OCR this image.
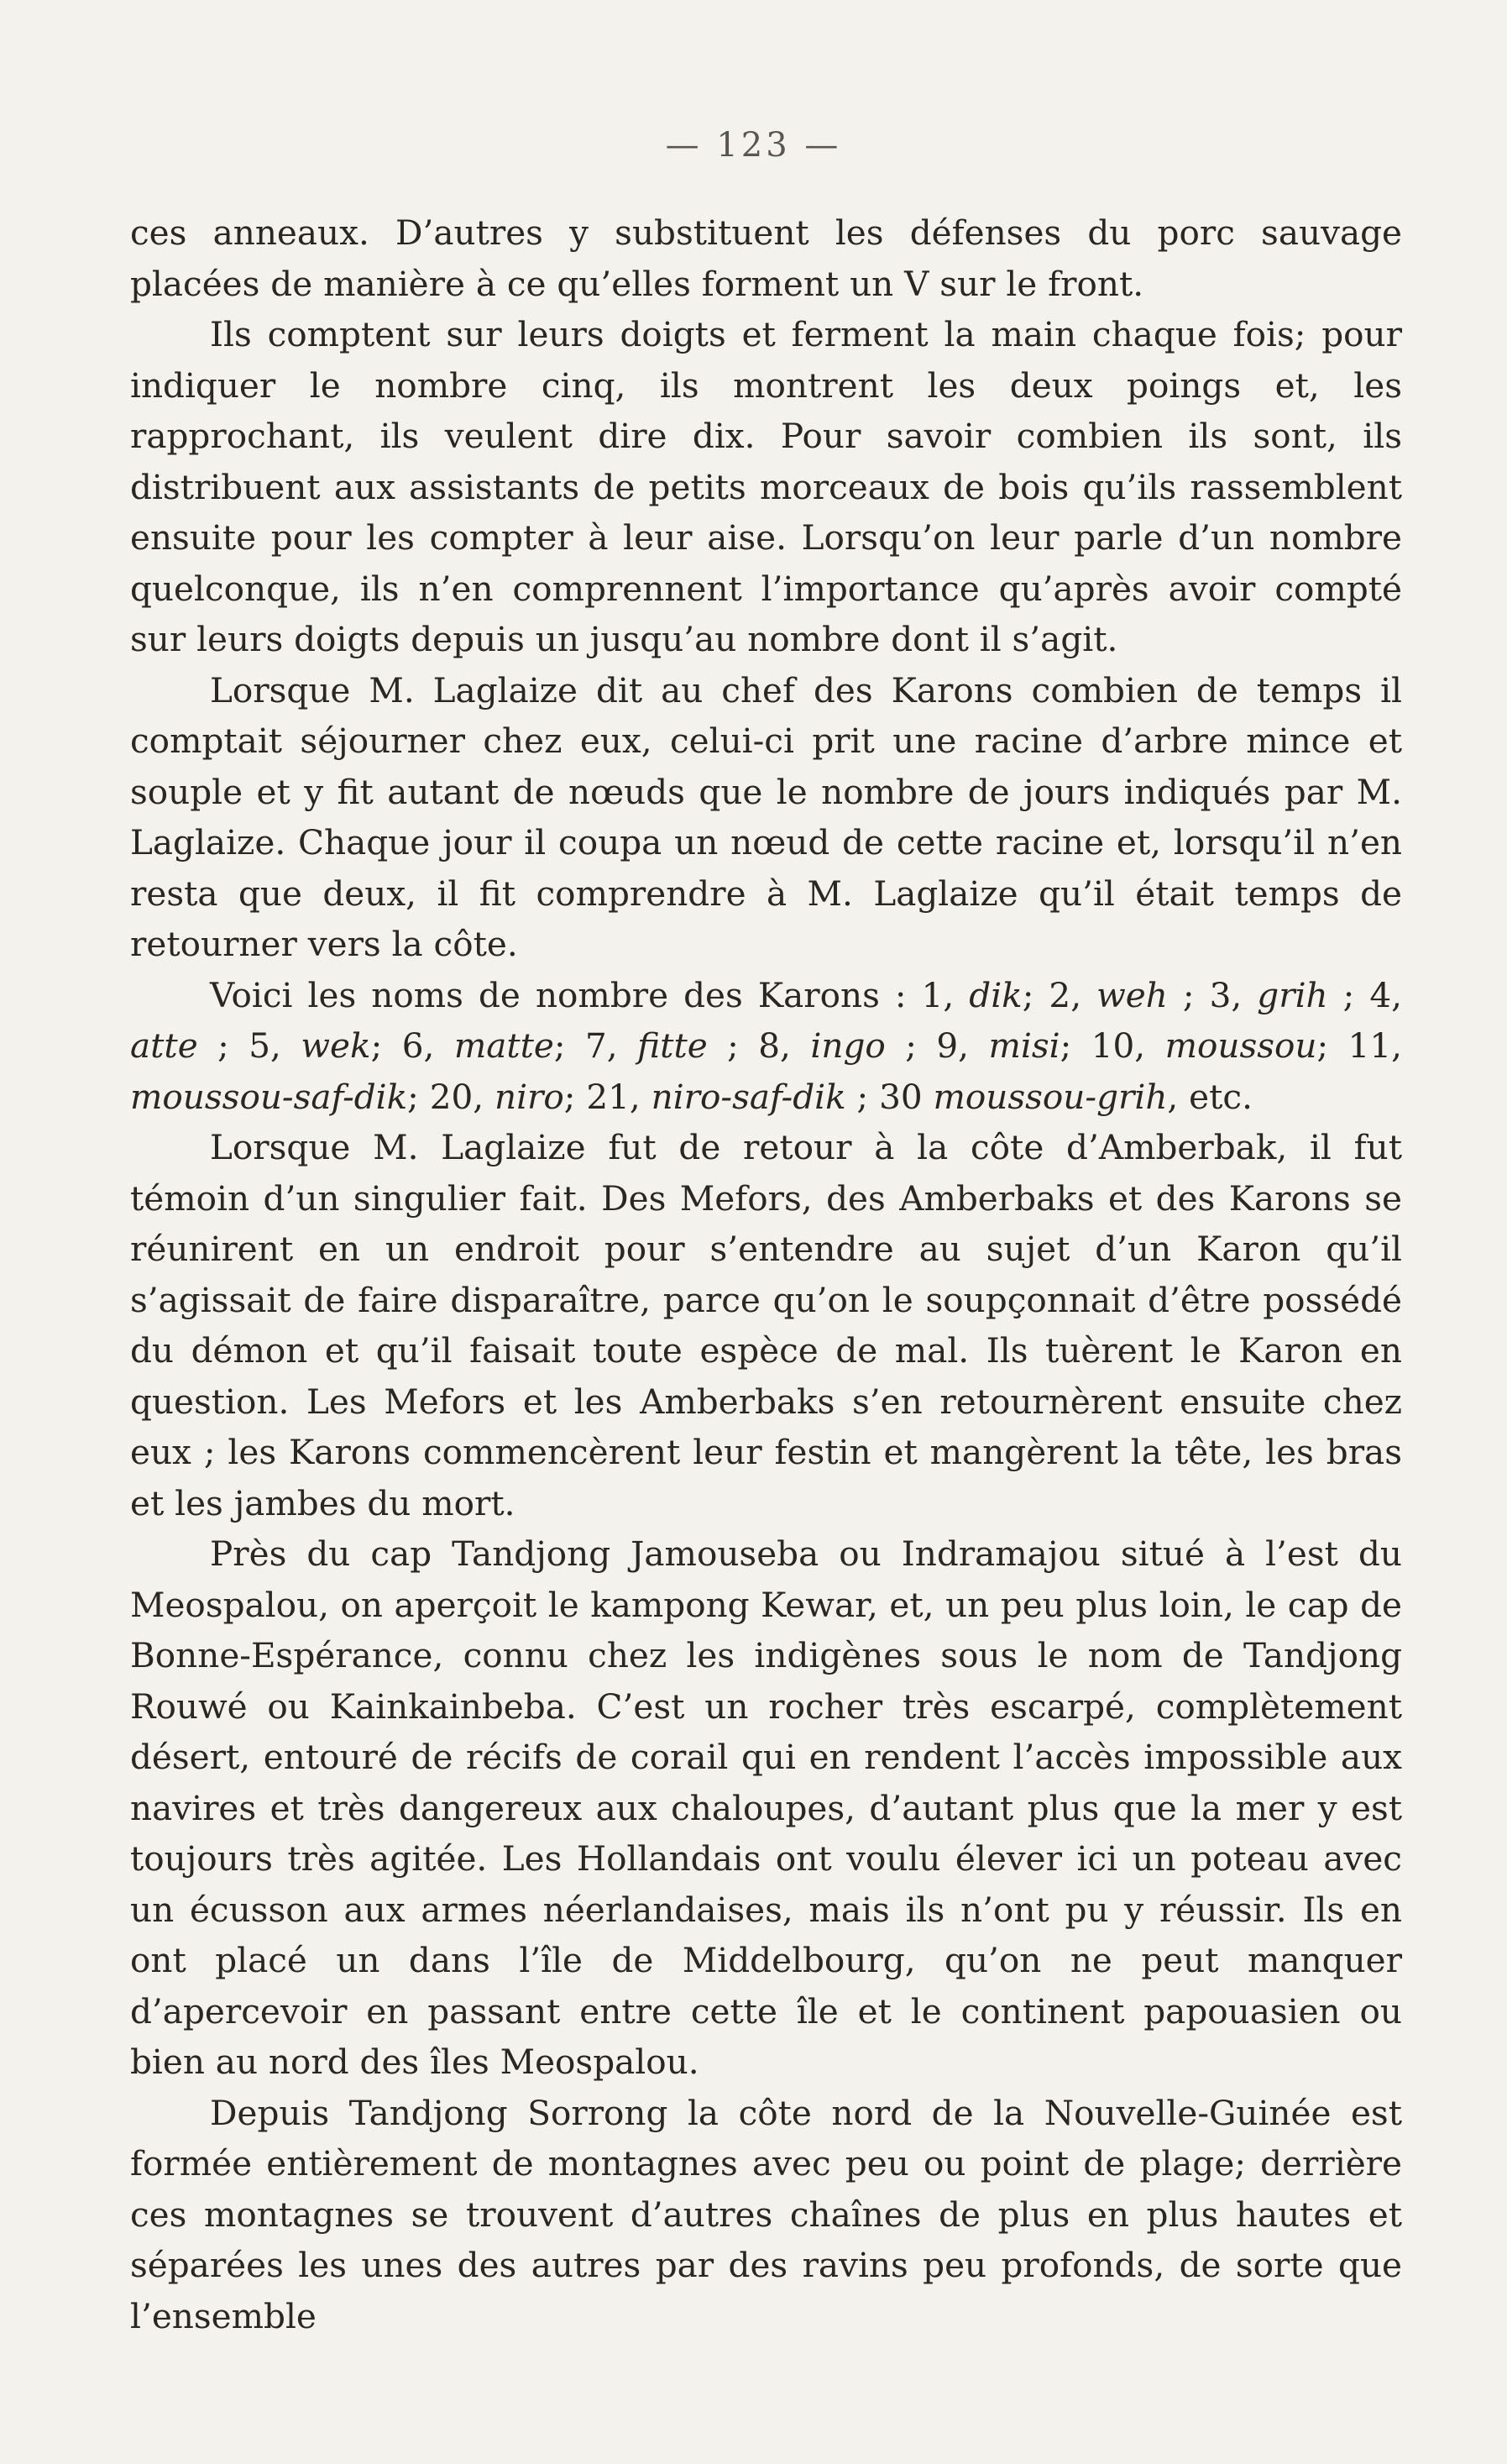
— 123 —

ces anneaux. D’autres y substituent les défenses du porc sauvage placées de manière à ce qu’elles forment un V sur le front.

Ils comptent sur leurs doigts et ferment la main chaque fois; pour indiquer le nombre cinq, ils montrent les deux poings et, les rapprochant, ils veulent dire dix. Pour savoir combien ils sont, ils distribuent aux assistants de petits morceaux de bois qu’ils rassemblent ensuite pour les compter à leur aise. Lorsqu’on leur parle d’un nombre quelconque, ils n’en comprennent l’importance qu’après avoir compté sur leurs doigts depuis un jusqu’au nombre dont il s’agit.

Lorsque M. Laglaize dit au chef des Karons combien de temps il comptait séjourner chez eux, celui-ci prit une racine d’arbre mince et souple et y fit autant de nœuds que le nombre de jours indiqués par M. Laglaize. Chaque jour il coupa un nœud de cette racine et, lorsqu’il n’en resta que deux, il fit comprendre à M. Laglaize qu’il était temps de retourner vers la côte.

Voici les noms de nombre des Karons : 1, dik; 2, weh ; 3, grih ; 4, atte ; 5, wek; 6, matte; 7, fitte ; 8, ingo ; 9, misi; 10, moussou; 11, moussou-saf-dik; 20, niro; 21, niro-saf-dik ; 30 moussou-grih, etc.

Lorsque M. Laglaize fut de retour à la côte d’Amberbak, il fut témoin d’un singulier fait. Des Mefors, des Amberbaks et des Karons se réunirent en un endroit pour s’entendre au sujet d’un Karon qu’il s’agissait de faire disparaître, parce qu’on le soupçonnait d’être possédé du démon et qu’il faisait toute espèce de mal. Ils tuèrent le Karon en question. Les Mefors et les Amberbaks s’en retournèrent ensuite chez eux ; les Karons commencèrent leur festin et mangèrent la tête, les bras et les jambes du mort.

Près du cap Tandjong Jamouseba ou Indramajou situé à l’est du Meospalou, on aperçoit le kampong Kewar, et, un peu plus loin, le cap de Bonne-Espérance, connu chez les indigènes sous le nom de Tandjong Rouwé ou Kainkainbeba. C’est un rocher très escarpé, complètement désert, entouré de récifs de corail qui en rendent l’accès impossible aux navires et très dangereux aux chaloupes, d’autant plus que la mer y est toujours très agitée. Les Hollandais ont voulu élever ici un poteau avec un écusson aux armes néerlandaises, mais ils n’ont pu y réussir. Ils en ont placé un dans l’île de Middelbourg, qu’on ne peut manquer d’apercevoir en passant entre cette île et le continent papouasien ou bien au nord des îles Meospalou.

Depuis Tandjong Sorrong la côte nord de la Nouvelle-Guinée est formée entièrement de montagnes avec peu ou point de plage; derrière ces montagnes se trouvent d’autres chaînes de plus en plus hautes et séparées les unes des autres par des ravins peu profonds, de sorte que l’ensemble
